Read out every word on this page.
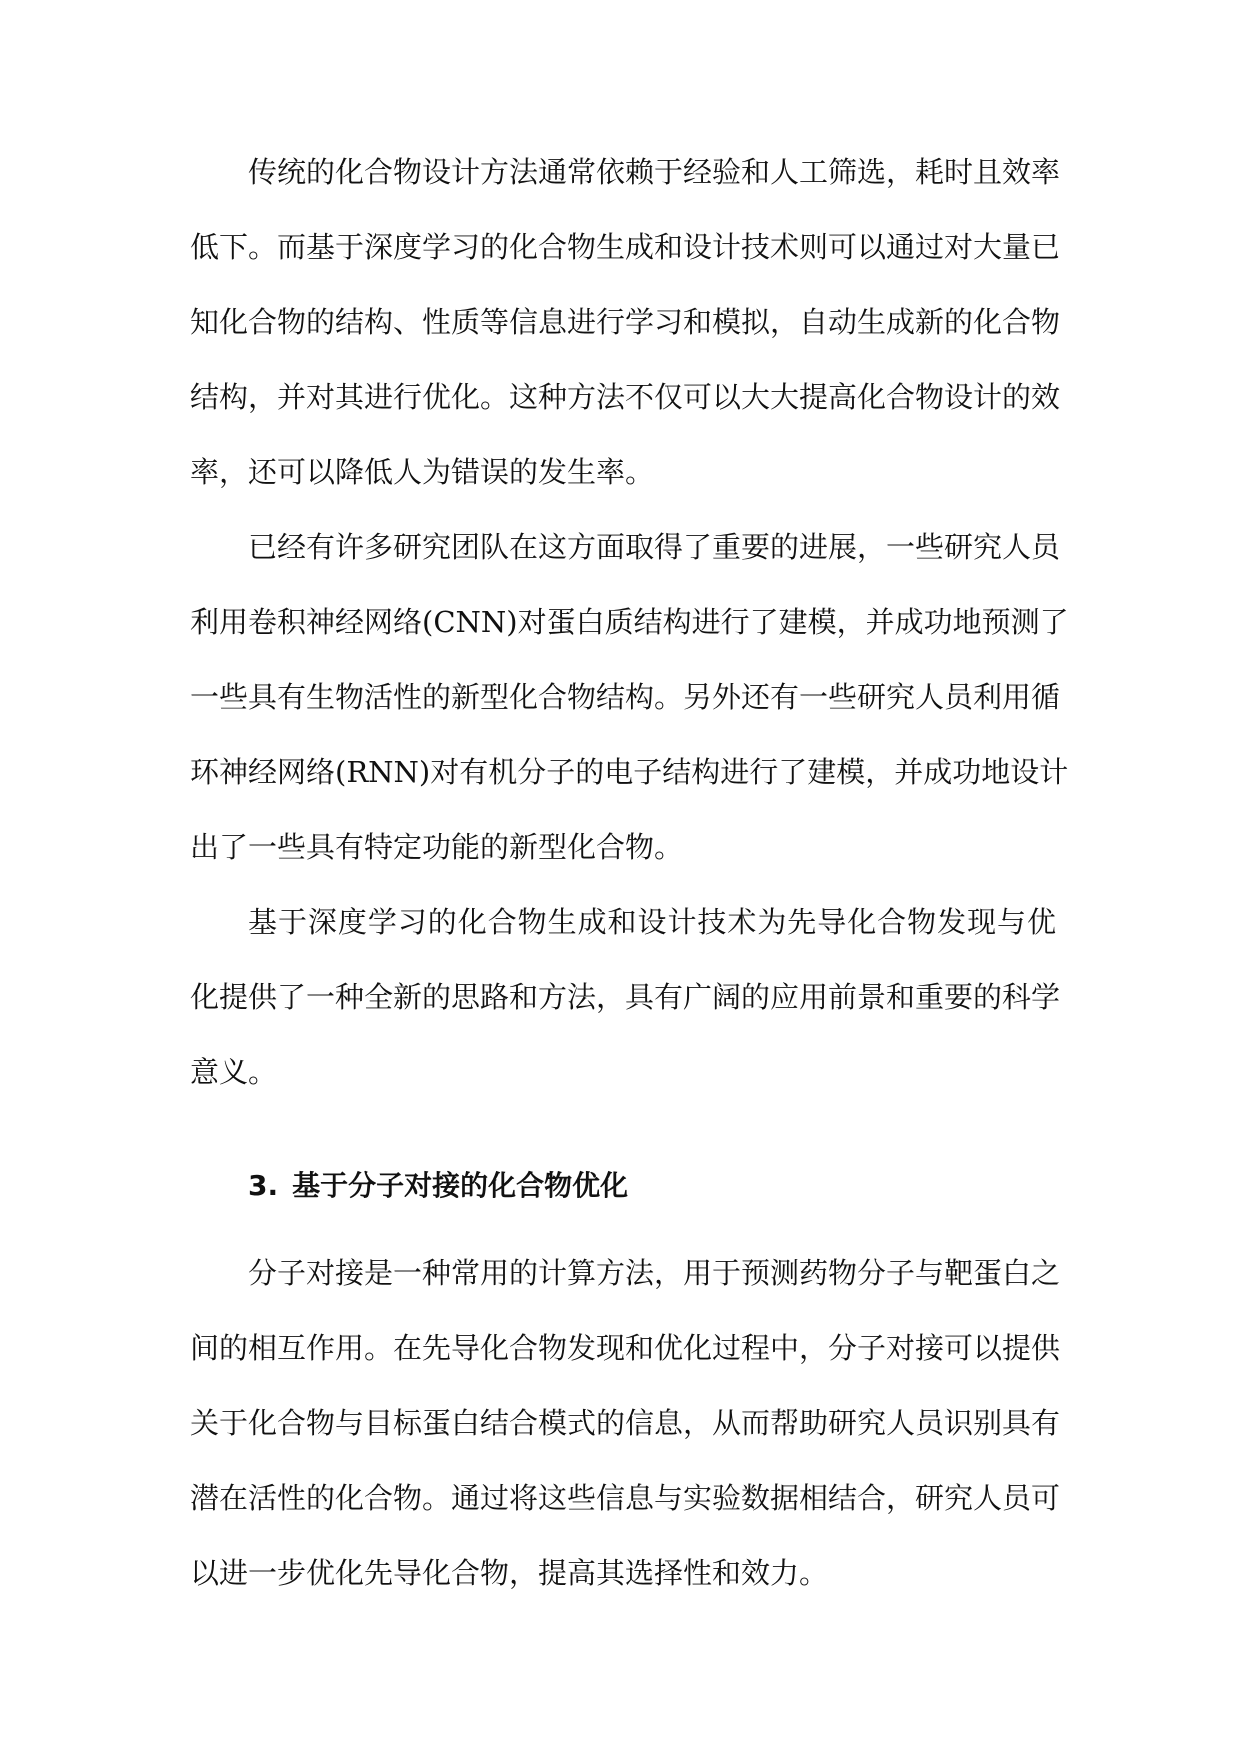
传统的化合物设计方法通常依赖于经验和人工筛选，耗时且效率
低下。而基于深度学习的化合物生成和设计技术则可以通过对大量已
知化合物的结构、性质等信息进行学习和模拟，自动生成新的化合物
结构，并对其进行优化。这种方法不仅可以大大提高化合物设计的效
率，还可以降低人为错误的发生率。
已经有许多研究团队在这方面取得了重要的进展，一些研究人员
利用卷积神经网络(CNN)对蛋白质结构进行了建模，并成功地预测了
一些具有生物活性的新型化合物结构。另外还有一些研究人员利用循
环神经网络(RNN)对有机分子的电子结构进行了建模，并成功地设计
出了一些具有特定功能的新型化合物。
基于深度学习的化合物生成和设计技术为先导化合物发现与优
化提供了一种全新的思路和方法，具有广阔的应用前景和重要的科学
意义。
3. 基于分子对接的化合物优化
分子对接是一种常用的计算方法，用于预测药物分子与靶蛋白之
间的相互作用。在先导化合物发现和优化过程中，分子对接可以提供
关于化合物与目标蛋白结合模式的信息，从而帮助研究人员识别具有
潜在活性的化合物。通过将这些信息与实验数据相结合，研究人员可
以进一步优化先导化合物，提高其选择性和效力。
